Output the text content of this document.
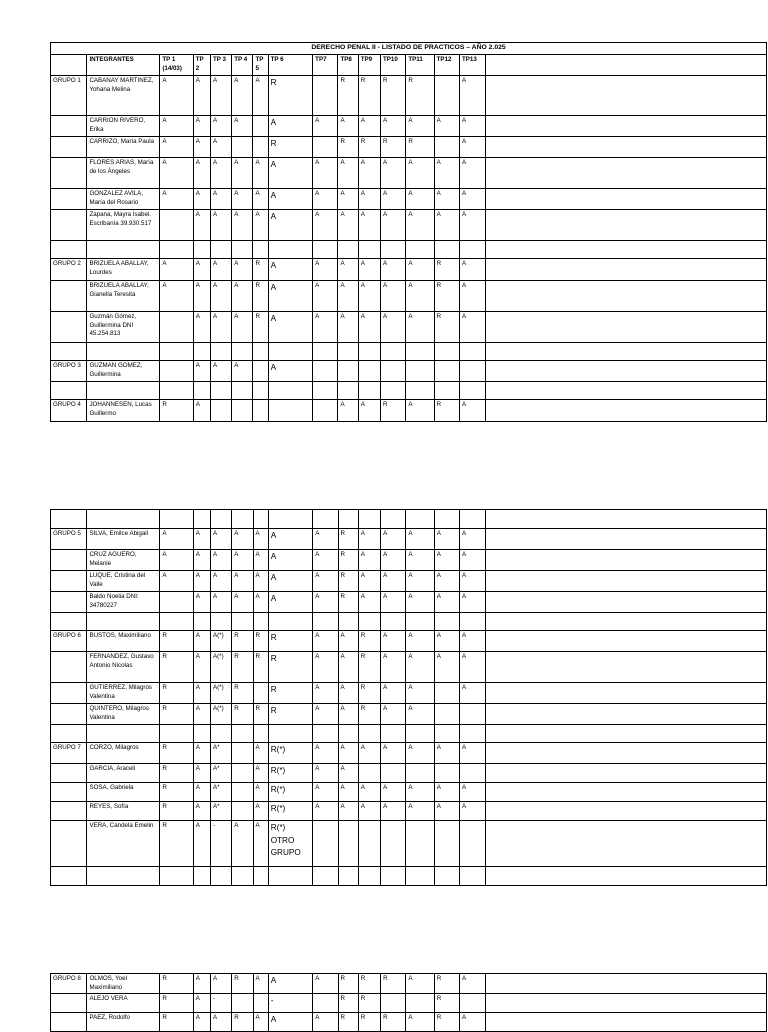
DERECHO PENAL II - LISTADO DE PRACTICOS – AÑO 2.025															
	INTEGRANTES	TP 1 (14/03)	TP 2	TP 3	TP 4	TP 5	TP 6	TP7	TP8	TP9	TP10	TP11	TP12	TP13	
GRUPO 1	CABANAY MARTINEZ, Yohana Melina	A	A	A	A	A	R		R	R	R	R		A	
	CARRION RIVERO, Erika	A	A	A	A		A	A	A	A	A	A	A	A	
	CARRIZO, María Paula	A	A	A			R		R	R	R	R		A	
	FLORES ARIAS, María de los Ángeles	A	A	A	A	A	A	A	A	A	A	A	A	A	
	GONZALEZ AVILA, María del Rosario	A	A	A	A	A	A	A	A	A	A	A	A	A	
	Zapana, Mayra Isabel. Escribanía 39.930.517		A	A	A	A	A	A	A	A	A	A	A	A	

GRUPO 2	BRIZUELA ABALLAY, Lourdes	A	A	A	A	R	A	A	A	A	A	A	R	A	
	BRIZUELA ABALLAY, Gianella Teresita	A	A	A	A	R	A	A	A	A	A	A	R	A	
	Guzmán Gómez, Guillermina DNI 45.254.813		A	A	A	R	A	A	A	A	A	A	R	A	

GRUPO 3	GUZMAN GOMEZ, Guillermina		A	A	A		A								

GRUPO 4	JOHANNESEN, Lucas Guillermo	R	A						A	A	R	A	R	A	

GRUPO 5	SILVA, Emilce Abigail	A	A	A	A	A	A	A	R	A	A	A	A	A	
	CRUZ AGUERO, Melanie	A	A	A	A	A	A	A	R	A	A	A	A	A	
	LUQUE, Cristina del Valle	A	A	A	A	A	A	A	R	A	A	A	A	A	
	Baldo Noelia DNI: 34780227		A	A	A	A	A	A	R	A	A	A	A	A	

GRUPO 6	BUSTOS, Maximiliano	R	A	A(*)	R	R	R	A	A	R	A	A	A	A	
	FERNANDEZ, Gustavo Antonio Nicolas	R	A	A(*)	R	R	R	A	A	R	A	A	A	A	
	GUTIERREZ, Milagros Valentina	R	A	A(*)	R		R	A	A	R	A	A		A	
	QUINTERO, Milagros Valentina	R	A	A(*)	R	R	R	A	A	R	A	A			

GRUPO 7	CORZO, Milagros	R	A	A*		A	R(*)	A	A	A	A	A	A	A	
	GARCIA, Araceli	R	A	A*		A	R(*)	A	A						
	SOSA, Gabriela	R	A	A*		A	R(*)	A	A	A	A	A	A	A	
	REYES, Sofía	R	A	A*		A	R(*)	A	A	A	A	A	A	A	
	VERA, Candela Emelin	R	A	-	A	A	R(*) OTRO GRUPO								

GRUPO 8	OLMOS, Yoel Maximiliano	R	A	A	R	A	A	A	R	R	R	A	R	A	
	ALEJO VERA	R	A	-			-		R	R			R		
	PAEZ, Rodolfo	R	A	A	R	A	A	A	R	R	R	A	R	A	
